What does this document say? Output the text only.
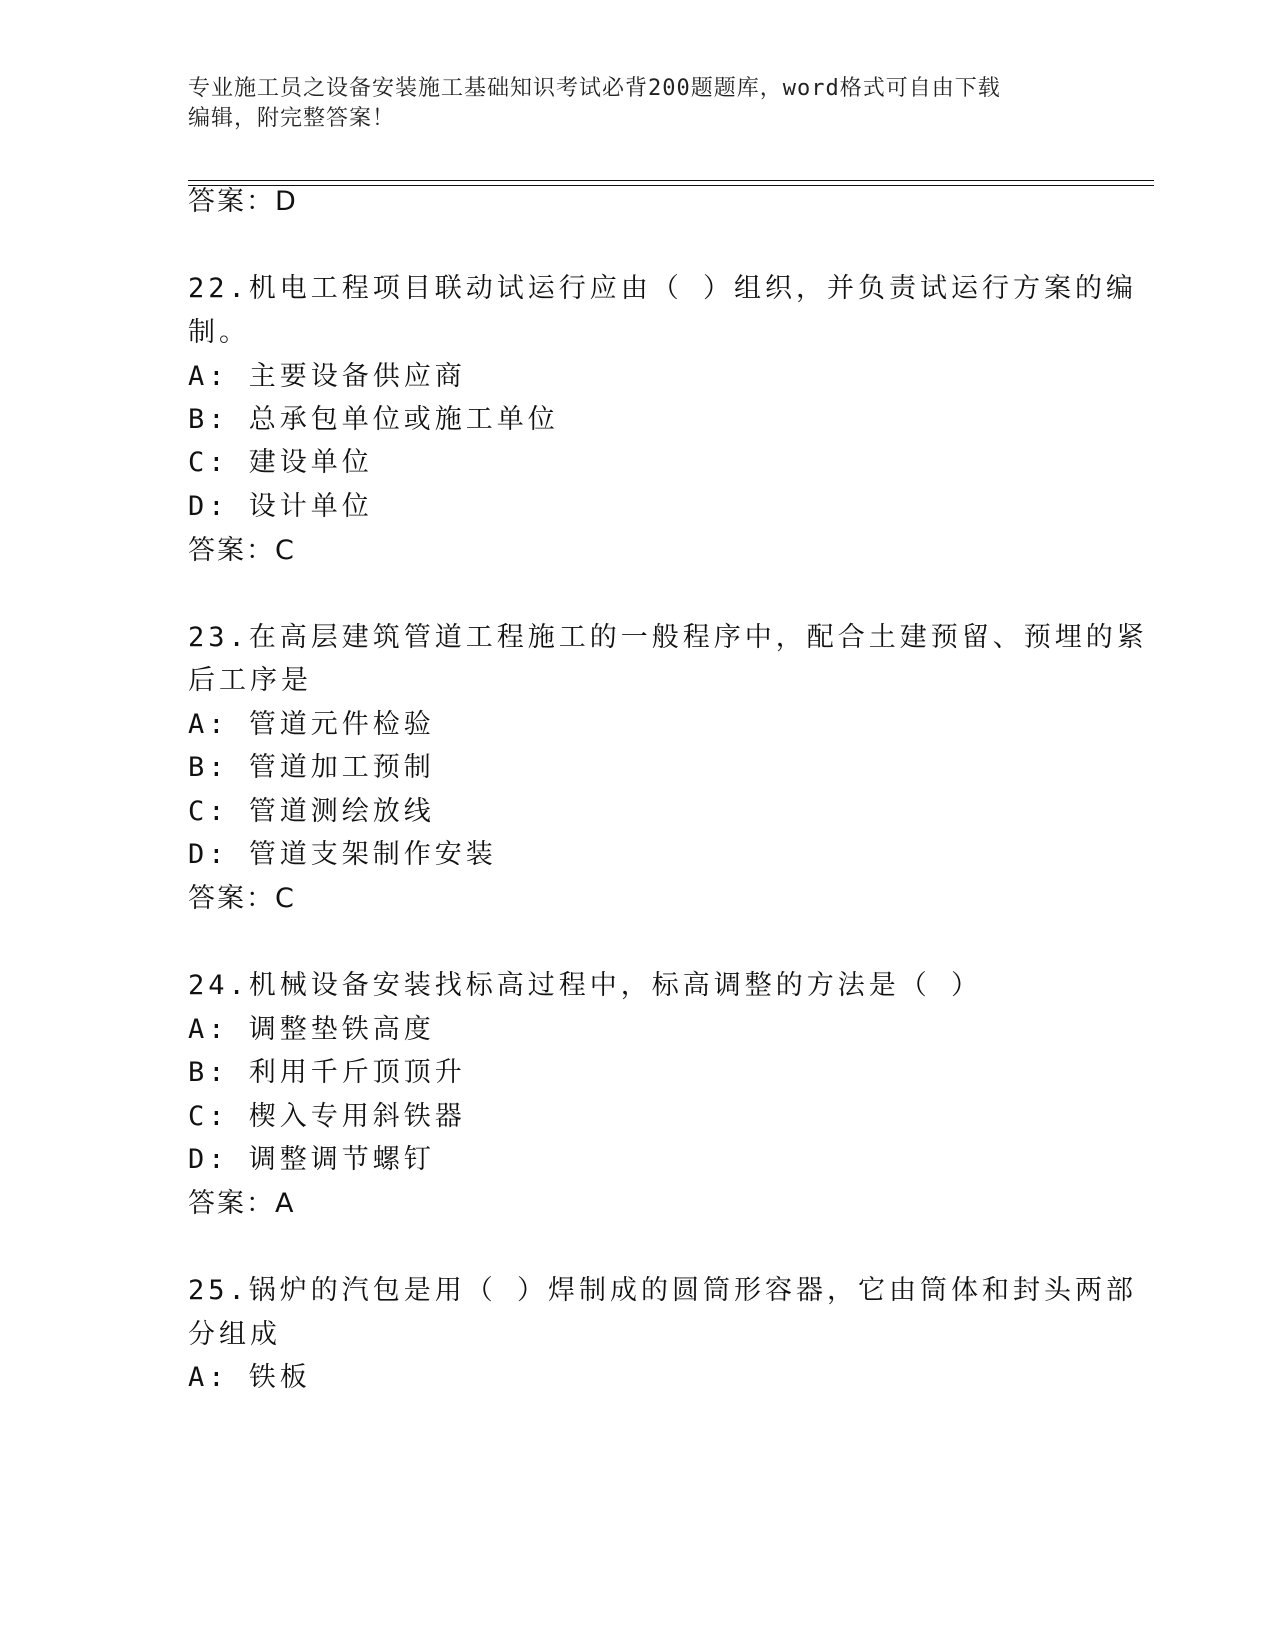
专业施工员之设备安装施工基础知识考试必背200题题库，word格式可自由下载
编辑，附完整答案！
答案：D
22.机电工程项目联动试运行应由（ ）组织，并负责试运行方案的编
制。
A: 主要设备供应商
B: 总承包单位或施工单位
C: 建设单位
D: 设计单位
答案：C
23.在高层建筑管道工程施工的一般程序中，配合土建预留、预埋的紧
后工序是
A: 管道元件检验
B: 管道加工预制
C: 管道测绘放线
D: 管道支架制作安装
答案：C
24.机械设备安装找标高过程中，标高调整的方法是（ ）
A: 调整垫铁高度
B: 利用千斤顶顶升
C: 楔入专用斜铁器
D: 调整调节螺钉
答案：A
25.锅炉的汽包是用（ ）焊制成的圆筒形容器，它由筒体和封头两部
分组成
A: 铁板
